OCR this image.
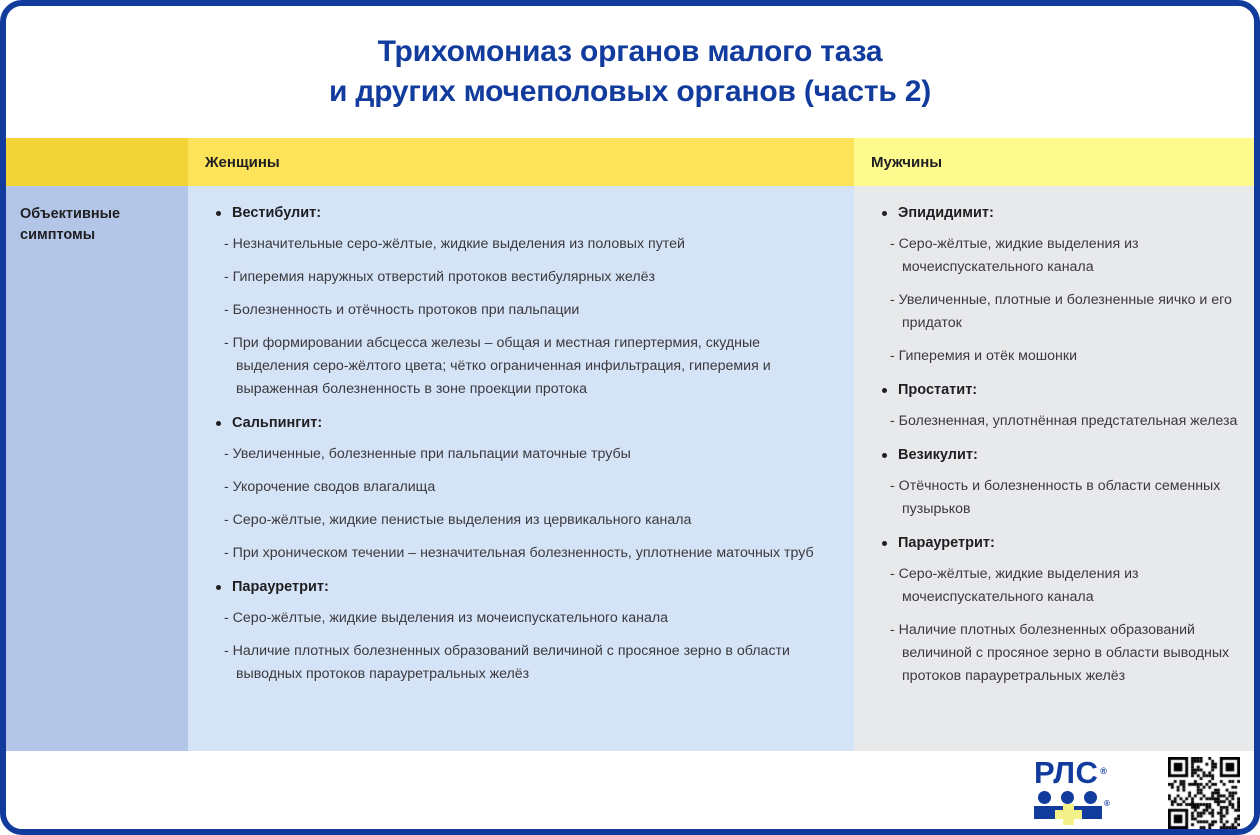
Трихомониаз органов малого таза
и других мочеполовых органов (часть 2)
Женщины	Мужчины
Объективные симптомы
Вестибулит:
- Незначительные серо-жёлтые, жидкие выделения из половых путей
- Гиперемия наружных отверстий протоков вестибулярных желёз
- Болезненность и отёчность протоков при пальпации
- При формировании абсцесса железы – общая и местная гипертермия, скудные выделения серо-жёлтого цвета; чётко ограниченная инфильтрация, гиперемия и выраженная болезненность в зоне проекции протока
Сальпингит:
- Увеличенные, болезненные при пальпации маточные трубы
- Укорочение сводов влагалища
- Серо-жёлтые, жидкие пенистые выделения из цервикального канала
- При хроническом течении – незначительная болезненность, уплотнение маточных труб
Парауретрит:
- Серо-жёлтые, жидкие выделения из мочеиспускательного канала
- Наличие плотных болезненных образований величиной с просяное зерно в области выводных протоков парауретральных желёз
Эпидидимит:
- Серо-жёлтые, жидкие выделения из мочеиспускательного канала
- Увеличенные, плотные и болезненные яичко и его придаток
- Гиперемия и отёк мошонки
Простатит:
- Болезненная, уплотнённая предстательная железа
Везикулит:
- Отёчность и болезненность в области семенных пузырьков
Парауретрит:
- Серо-жёлтые, жидкие выделения из мочеиспускательного канала
- Наличие плотных болезненных образований величиной с просяное зерно в области выводных протоков парауретральных желёз
РЛС ®
®
